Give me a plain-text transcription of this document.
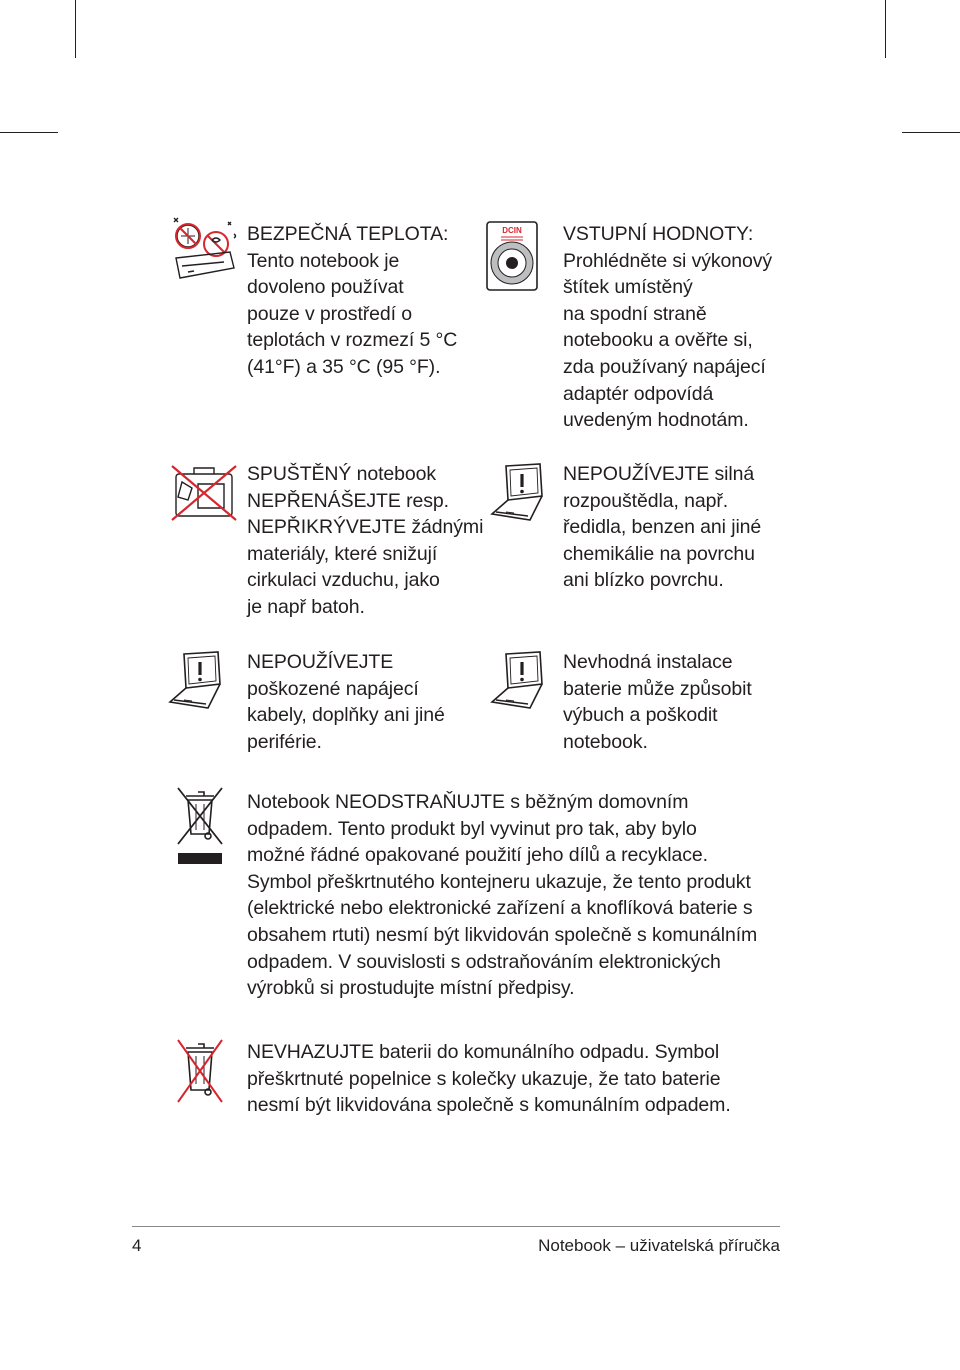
BEZPEČNÁ TEPLOTA:
Tento notebook je
dovoleno používat
pouze v prostředí o
teplotách v rozmezí 5 °C
(41°F) a 35 °C (95 °F).
DCIN VSTUPNÍ HODNOTY:
Prohlédněte si výkonový
štítek umístěný
na spodní straně
notebooku a ověřte si,
zda používaný napájecí
adaptér odpovídá
uvedeným hodnotám.
SPUŠTĚNÝ notebook
NEPŘENÁŠEJTE resp.
NEPŘIKRÝVEJTE žádnými
materiály, které snižují
cirkulaci vzduchu, jako
je např batoh.
NEPOUŽÍVEJTE silná
rozpouštědla, např.
ředidla, benzen ani jiné
chemikálie na povrchu
ani blízko povrchu.
NEPOUŽÍVEJTE
poškozené napájecí
kabely, doplňky ani jiné
periférie.
Nevhodná instalace
baterie může způsobit
výbuch a poškodit
notebook.
Notebook NEODSTRAŇUJTE s běžným domovním
odpadem. Tento produkt byl vyvinut pro tak, aby bylo
možné řádné opakované použití jeho dílů a recyklace.
Symbol přeškrtnutého kontejneru ukazuje, že tento produkt
(elektrické nebo elektronické zařízení a knoflíková baterie s
obsahem rtuti) nesmí být likvidován společně s komunálním
odpadem. V souvislosti s odstraňováním elektronických
výrobků si prostudujte místní předpisy.
NEVHAZUJTE baterii do komunálního odpadu. Symbol
přeškrtnuté popelnice s kolečky ukazuje, že tato baterie
nesmí být likvidována společně s komunálním odpadem.
4	Notebook – uživatelská příručka
